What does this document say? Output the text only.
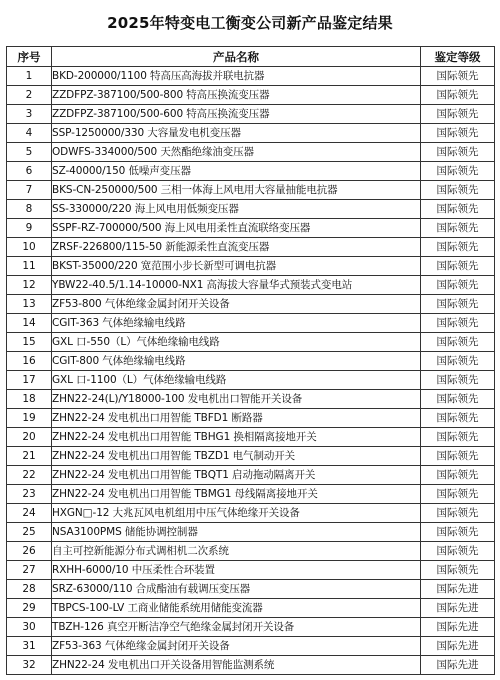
2025年特变电工衡变公司新产品鉴定结果
序号	产品名称	鉴定等级
1	BKD-200000/1100 特高压高海拔并联电抗器	国际领先
2	ZZDFPZ-387100/500-800 特高压换流变压器	国际领先
3	ZZDFPZ-387100/500-600 特高压换流变压器	国际领先
4	SSP-1250000/330 大容量发电机变压器	国际领先
5	ODWFS-334000/500 天然酯绝缘油变压器	国际领先
6	SZ-40000/150 低噪声变压器	国际领先
7	BKS-CN-250000/500 三相一体海上风电用大容量抽能电抗器	国际领先
8	SS-330000/220 海上风电用低频变压器	国际领先
9	SSPF-RZ-700000/500 海上风电用柔性直流联络变压器	国际领先
10	ZRSF-226800/115-50 新能源柔性直流变压器	国际领先
11	BKST-35000/220 宽范围小步长新型可调电抗器	国际领先
12	YBW22-40.5/1.14-10000-NX1 高海拔大容量华式预装式变电站	国际领先
13	ZF53-800 气体绝缘金属封闭开关设备	国际领先
14	CGIT-363 气体绝缘输电线路	国际领先
15	GXL 口-550（L）气体绝缘输电线路	国际领先
16	CGIT-800 气体绝缘输电线路	国际领先
17	GXL 口-1100（L）气体绝缘输电线路	国际领先
18	ZHN22-24(L)/Y18000-100 发电机出口智能开关设备	国际领先
19	ZHN22-24 发电机出口用智能 TBFD1 断路器	国际领先
20	ZHN22-24 发电机出口用智能 TBHG1 换相隔离接地开关	国际领先
21	ZHN22-24 发电机出口用智能 TBZD1 电气制动开关	国际领先
22	ZHN22-24 发电机出口用智能 TBQT1 启动拖动隔离开关	国际领先
23	ZHN22-24 发电机出口用智能 TBMG1 母线隔离接地开关	国际领先
24	HXGN□-12 大兆瓦风电机组用中压气体绝缘开关设备	国际领先
25	NSA3100PMS 储能协调控制器	国际领先
26	自主可控新能源分布式调相机二次系统	国际领先
27	RXHH-6000/10 中压柔性合环装置	国际领先
28	SRZ-63000/110 合成酯油有载调压变压器	国际先进
29	TBPCS-100-LV 工商业储能系统用储能变流器	国际先进
30	TBZH-126 真空开断洁净空气绝缘金属封闭开关设备	国际先进
31	ZF53-363 气体绝缘金属封闭开关设备	国际先进
32	ZHN22-24 发电机出口开关设备用智能监测系统	国际先进
